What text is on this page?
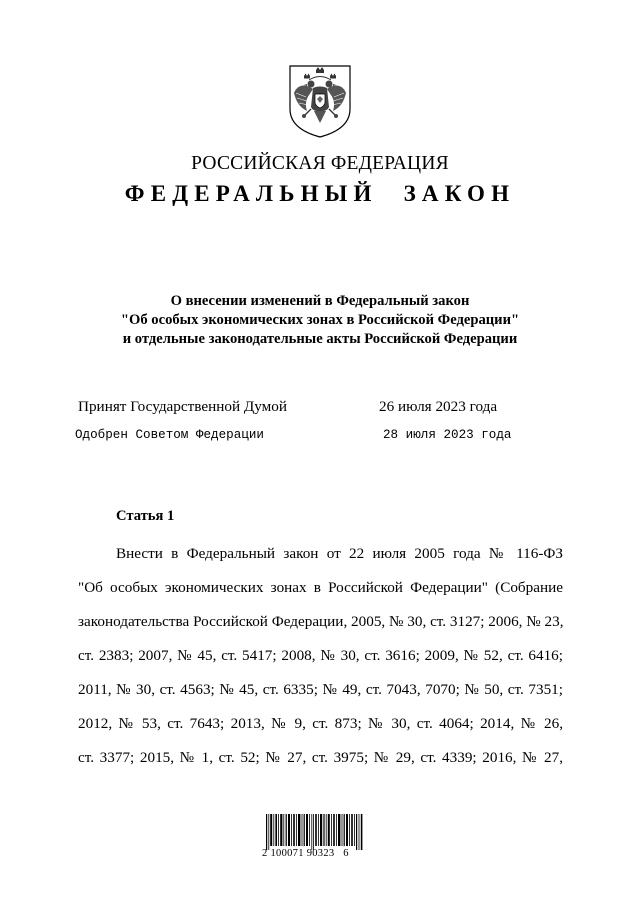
РОССИЙСКАЯ ФЕДЕРАЦИЯ
ФЕДЕРАЛЬНЫЙ ЗАКОН
О внесении изменений в Федеральный закон
"Об особых экономических зонах в Российской Федерации"
и отдельные законодательные акты Российской Федерации
Принят Государственной Думой	26 июля 2023 года
Одобрен Советом Федерации	28 июля 2023 года
Статья 1
Внести в Федеральный закон от 22 июля 2005 года № 116-ФЗ
"Об особых экономических зонах в Российской Федерации" (Собрание
законодательства Российской Федерации, 2005, № 30, ст. 3127; 2006, № 23,
ст. 2383; 2007, № 45, ст. 5417; 2008, № 30, ст. 3616; 2009, № 52, ст. 6416;
2011, № 30, ст. 4563; № 45, ст. 6335; № 49, ст. 7043, 7070; № 50, ст. 7351;
2012, № 53, ст. 7643; 2013, № 9, ст. 873; № 30, ст. 4064; 2014, № 26,
ст. 3377; 2015, № 1, ст. 52; № 27, ст. 3975; № 29, ст. 4339; 2016, № 27,
2 100071 90323   6
